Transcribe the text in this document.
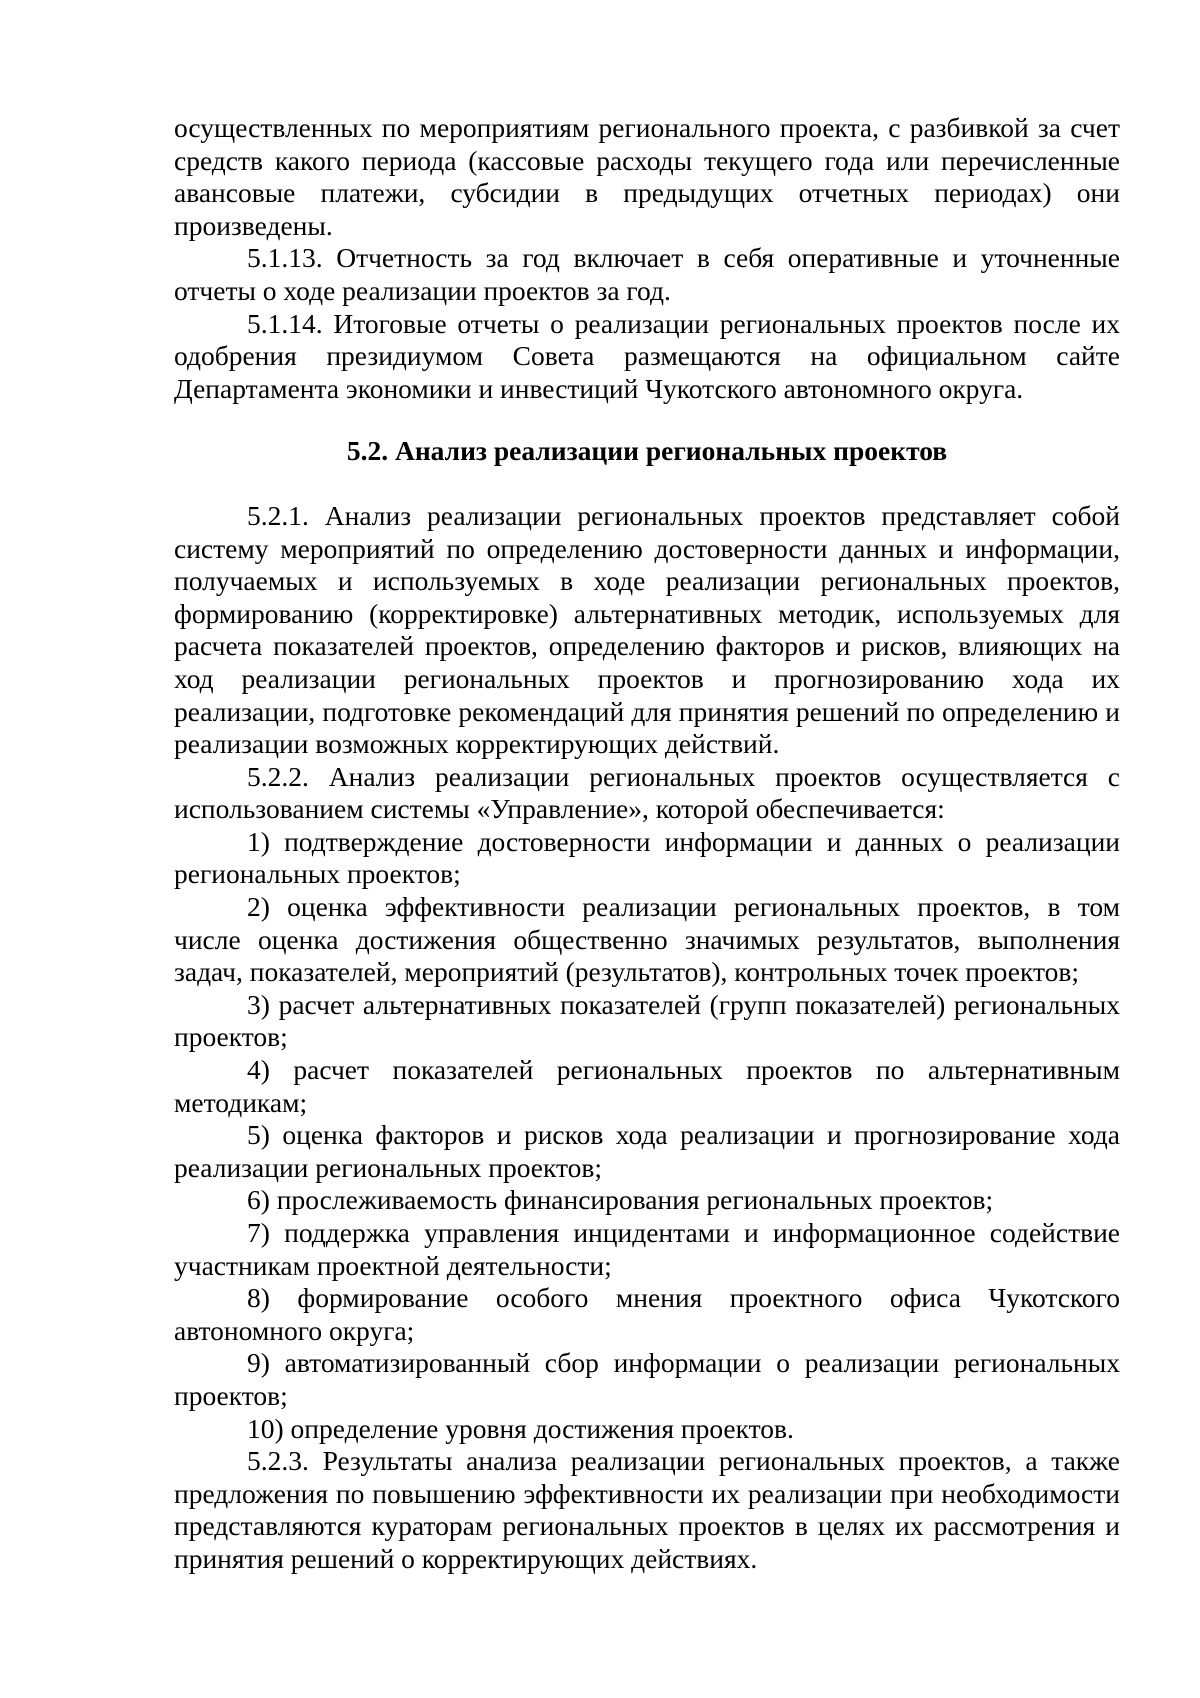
осуществленных по мероприятиям регионального проекта, с разбивкой за счет средств какого периода (кассовые расходы текущего года или перечисленные авансовые платежи, субсидии в предыдущих отчетных периодах) они произведены.

5.1.13. Отчетность за год включает в себя оперативные и уточненные отчеты о ходе реализации проектов за год.

5.1.14. Итоговые отчеты о реализации региональных проектов после их одобрения президиумом Совета размещаются на официальном сайте Департамента экономики и инвестиций Чукотского автономного округа.

5.2. Анализ реализации региональных проектов

5.2.1. Анализ реализации региональных проектов представляет собой систему мероприятий по определению достоверности данных и информации, получаемых и используемых в ходе реализации региональных проектов, формированию (корректировке) альтернативных методик, используемых для расчета показателей проектов, определению факторов и рисков, влияющих на ход реализации региональных проектов и прогнозированию хода их реализации, подготовке рекомендаций для принятия решений по определению и реализации возможных корректирующих действий.

5.2.2. Анализ реализации региональных проектов осуществляется с использованием системы «Управление», которой обеспечивается:

1) подтверждение достоверности информации и данных о реализации региональных проектов;

2) оценка эффективности реализации региональных проектов, в том числе оценка достижения общественно значимых результатов, выполнения задач, показателей, мероприятий (результатов), контрольных точек проектов;

3) расчет альтернативных показателей (групп показателей) региональных проектов;

4) расчет показателей региональных проектов по альтернативным методикам;

5) оценка факторов и рисков хода реализации и прогнозирование хода реализации региональных проектов;

6) прослеживаемость финансирования региональных проектов;

7) поддержка управления инцидентами и информационное содействие участникам проектной деятельности;

8) формирование особого мнения проектного офиса Чукотского автономного округа;

9) автоматизированный сбор информации о реализации региональных проектов;

10) определение уровня достижения проектов.

5.2.3. Результаты анализа реализации региональных проектов, а также предложения по повышению эффективности их реализации при необходимости представляются кураторам региональных проектов в целях их рассмотрения и принятия решений о корректирующих действиях.
